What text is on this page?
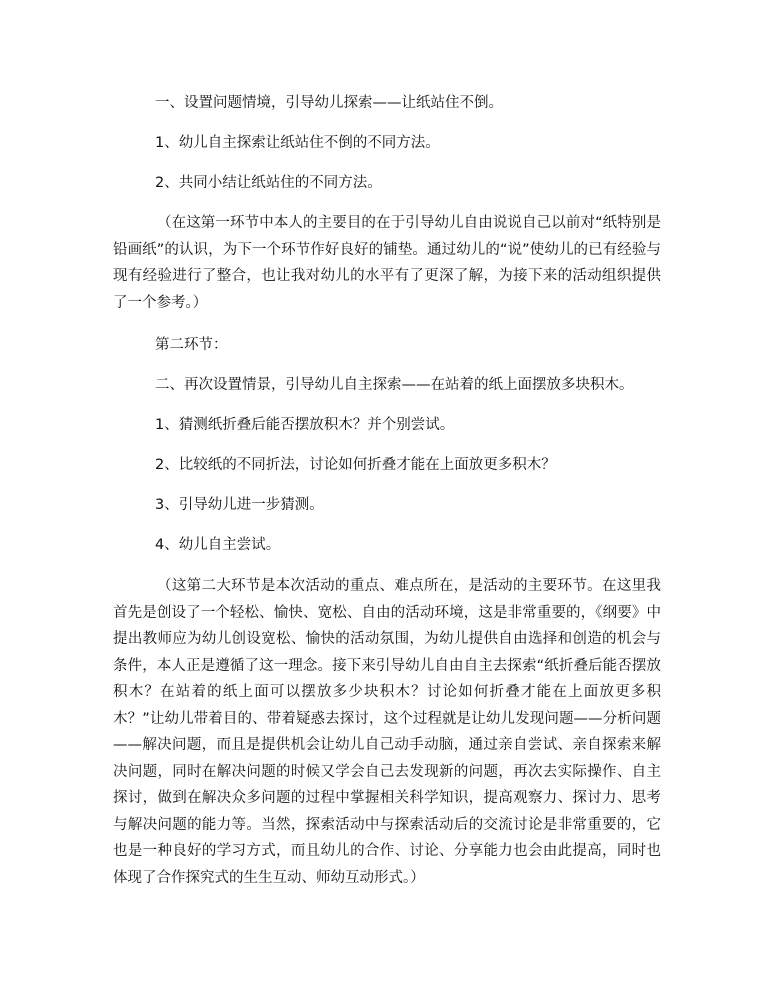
一、设置问题情境，引导幼儿探索——让纸站住不倒。
1、幼儿自主探索让纸站住不倒的不同方法。
2、共同小结让纸站住的不同方法。
（在这第一环节中本人的主要目的在于引导幼儿自由说说自己以前对“纸特别是铅画纸”的认识，为下一个环节作好良好的铺垫。通过幼儿的“说”使幼儿的已有经验与现有经验进行了整合，也让我对幼儿的水平有了更深了解，为接下来的活动组织提供了一个参考。）
第二环节：
二、再次设置情景，引导幼儿自主探索——在站着的纸上面摆放多块积木。
1、猜测纸折叠后能否摆放积木？并个别尝试。
2、比较纸的不同折法，讨论如何折叠才能在上面放更多积木？
3、引导幼儿进一步猜测。
4、幼儿自主尝试。
（这第二大环节是本次活动的重点、难点所在，是活动的主要环节。在这里我首先是创设了一个轻松、愉快、宽松、自由的活动环境，这是非常重要的，《纲要》中提出教师应为幼儿创设宽松、愉快的活动氛围，为幼儿提供自由选择和创造的机会与条件，本人正是遵循了这一理念。接下来引导幼儿自由自主去探索“纸折叠后能否摆放积木？在站着的纸上面可以摆放多少块积木？讨论如何折叠才能在上面放更多积木？”让幼儿带着目的、带着疑惑去探讨，这个过程就是让幼儿发现问题——分析问题——解决问题，而且是提供机会让幼儿自己动手动脑，通过亲自尝试、亲自探索来解决问题，同时在解决问题的时候又学会自己去发现新的问题，再次去实际操作、自主探讨，做到在解决众多问题的过程中掌握相关科学知识，提高观察力、探讨力、思考与解决问题的能力等。当然，探索活动中与探索活动后的交流讨论是非常重要的，它也是一种良好的学习方式，而且幼儿的合作、讨论、分享能力也会由此提高，同时也体现了合作探究式的生生互动、师幼互动形式。）
